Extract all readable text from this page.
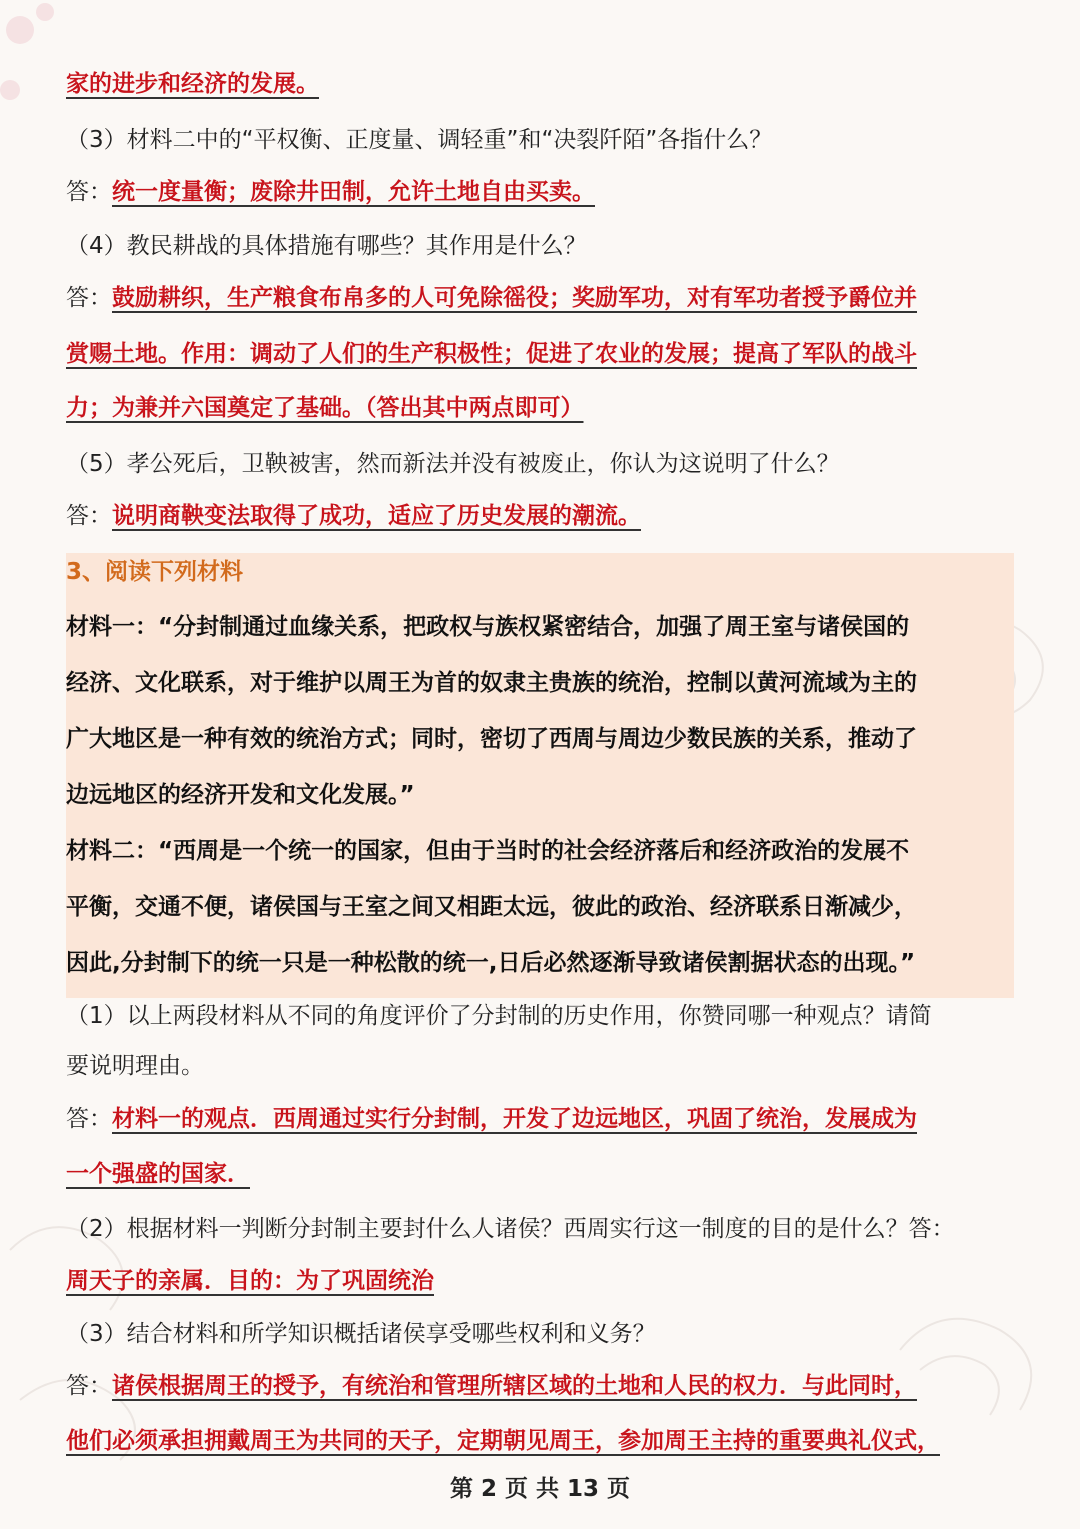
家的进步和经济的发展。
（3）材料二中的“平权衡、正度量、调轻重”和“决裂阡陌”各指什么？
答：统一度量衡；废除井田制，允许土地自由买卖。
（4）教民耕战的具体措施有哪些？其作用是什么？
答：鼓励耕织，生产粮食布帛多的人可免除徭役；奖励军功，对有军功者授予爵位并
赏赐土地。作用：调动了人们的生产积极性；促进了农业的发展；提高了军队的战斗
力；为兼并六国奠定了基础。（答出其中两点即可）
（5）孝公死后，卫鞅被害，然而新法并没有被废止，你认为这说明了什么？
答：说明商鞅变法取得了成功，适应了历史发展的潮流。
3、阅读下列材料
材料一：“分封制通过血缘关系，把政权与族权紧密结合，加强了周王室与诸侯国的
经济、文化联系，对于维护以周王为首的奴隶主贵族的统治，控制以黄河流域为主的
广大地区是一种有效的统治方式；同时，密切了西周与周边少数民族的关系，推动了
边远地区的经济开发和文化发展。”
材料二：“西周是一个统一的国家，但由于当时的社会经济落后和经济政治的发展不
平衡，交通不便，诸侯国与王室之间又相距太远，彼此的政治、经济联系日渐减少，
因此,分封制下的统一只是一种松散的统一,日后必然逐渐导致诸侯割据状态的出现。”
（1）以上两段材料从不同的角度评价了分封制的历史作用，你赞同哪一种观点？请简
要说明理由。
答：材料一的观点．西周通过实行分封制，开发了边远地区，巩固了统治，发展成为
一个强盛的国家．
（2）根据材料一判断分封制主要封什么人诸侯？西周实行这一制度的目的是什么？答：
周天子的亲属．目的：为了巩固统治
（3）结合材料和所学知识概括诸侯享受哪些权利和义务？
答：诸侯根据周王的授予，有统治和管理所辖区域的土地和人民的权力．与此同时，
他们必须承担拥戴周王为共同的天子，定期朝见周王，参加周王主持的重要典礼仪式，
第 2 页 共 13 页
